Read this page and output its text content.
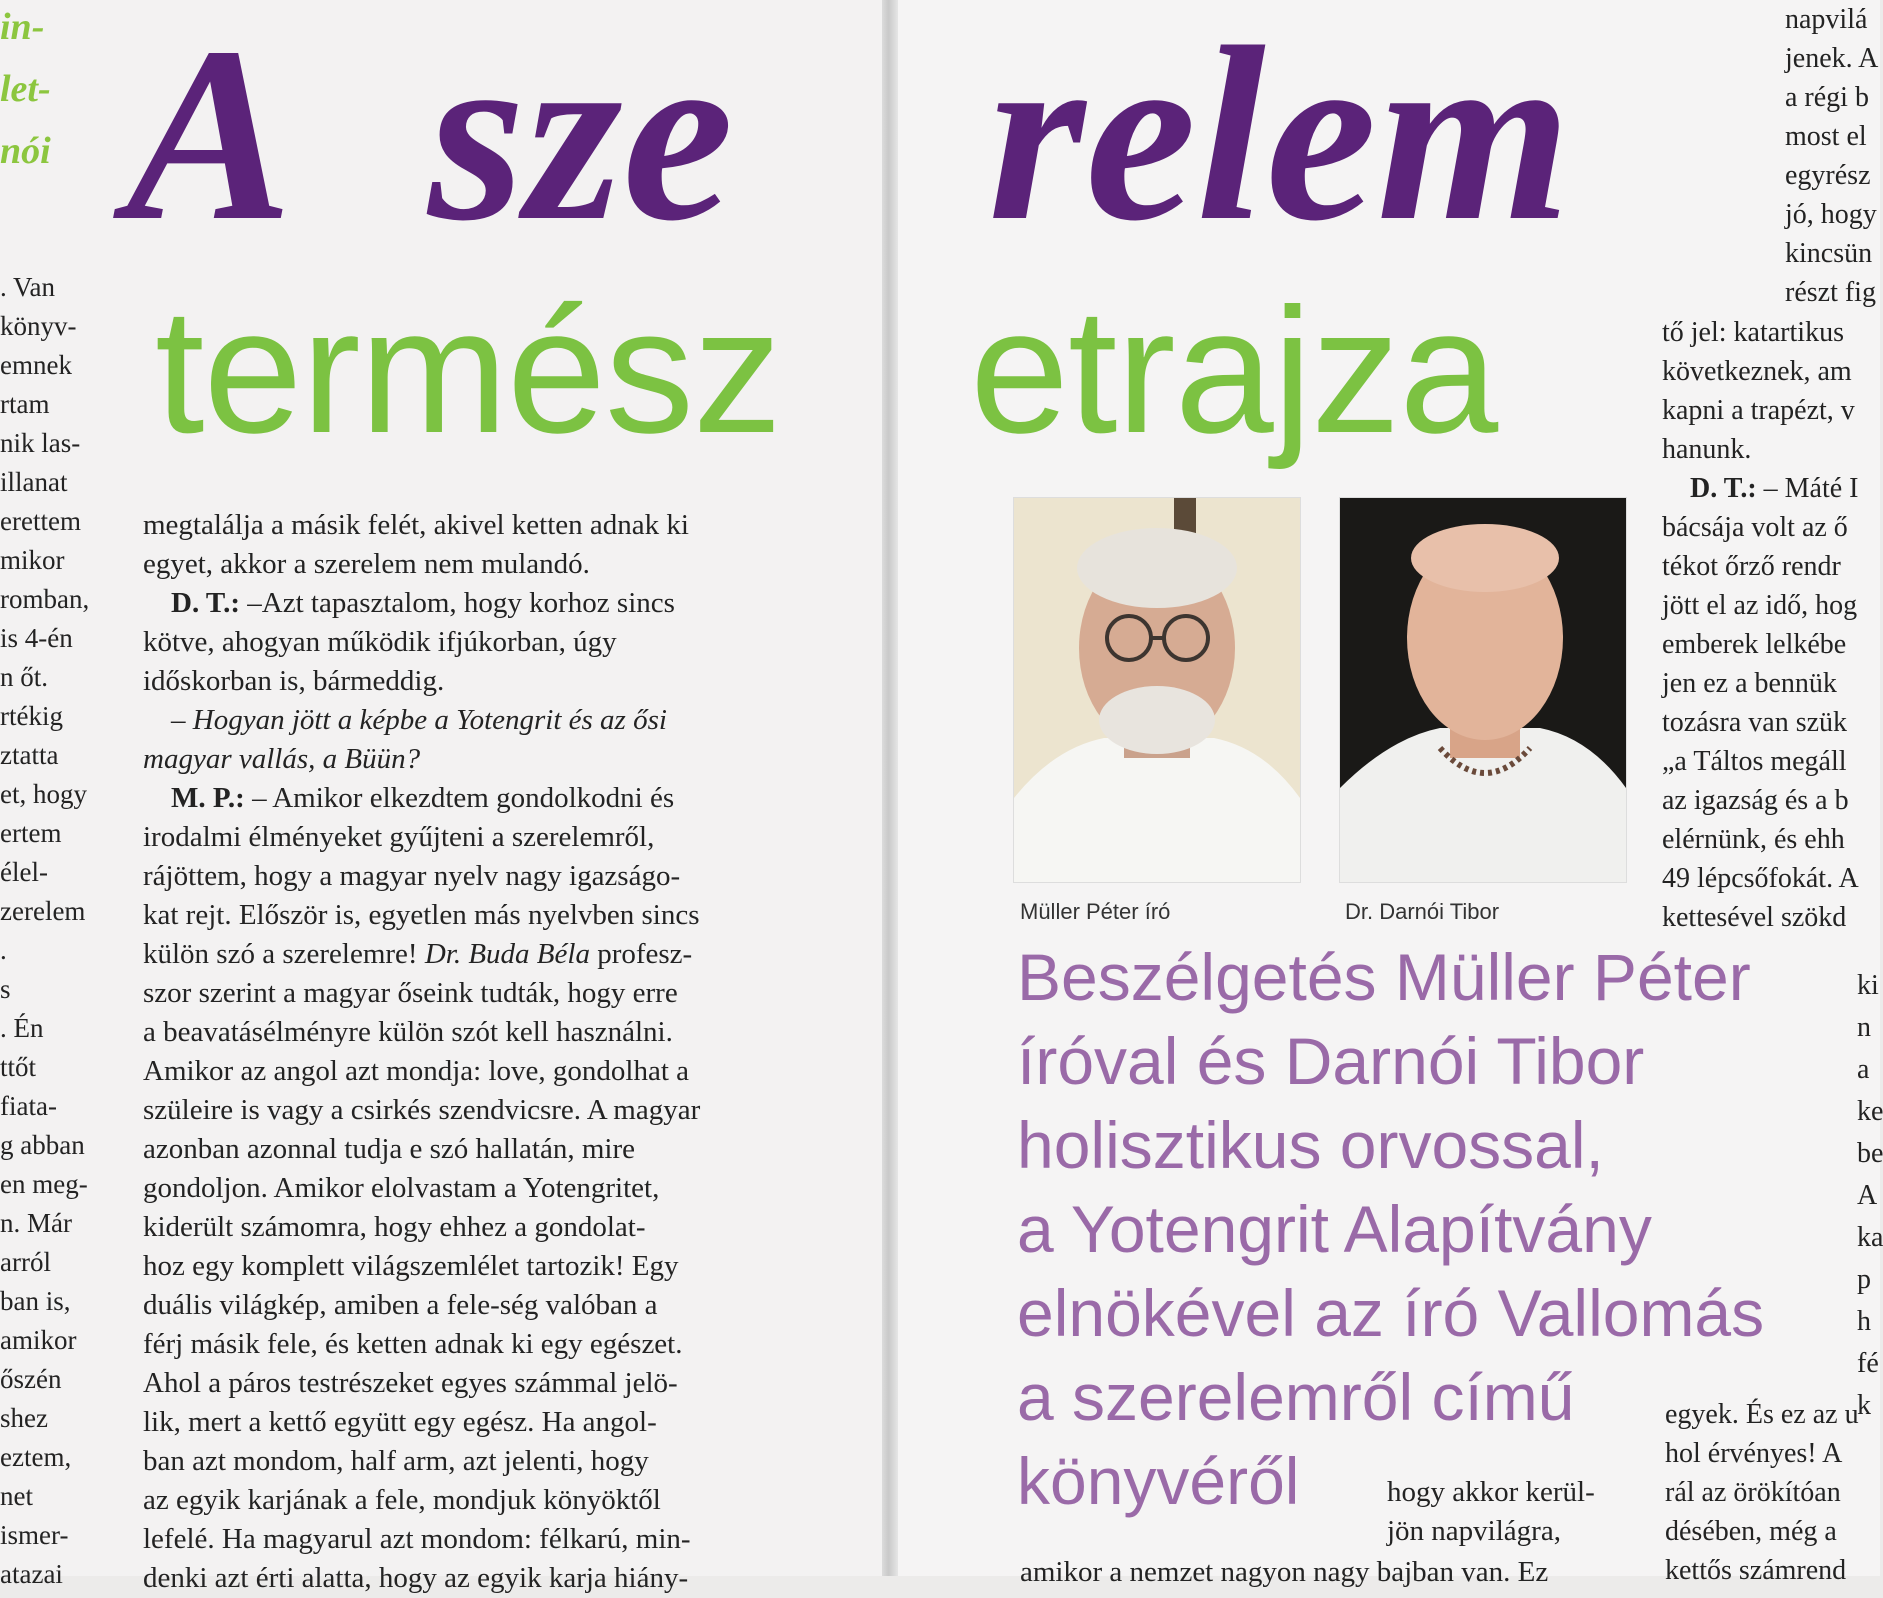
in-

let-

nói

. Van

könyv-

emnek

rtam

nik las-

illanat

erettem

mikor

romban,

is 4-én

n őt.

rtékig

ztatta

et, hogy

ertem

élel-

zerelem

.

s

. Én

ttőt

fiata-

g abban

en meg-

n. Már

arról

ban is,

amikor

őszén

shez

eztem,

net

ismer-

atazai

A sze relem
termész etrajza

megtalálja a másik felét, akivel ketten adnak ki

egyet, akkor a szerelem nem mulandó.

D. T.: –Azt tapasztalom, hogy korhoz sincs

kötve, ahogyan működik ifjúkorban, úgy

időskorban is, bármeddig.

– Hogyan jött a képbe a Yotengrit és az ősi

magyar vallás, a Büün?

M. P.: – Amikor elkezdtem gondolkodni és

irodalmi élményeket gyűjteni a szerelemről,

rájöttem, hogy a magyar nyelv nagy igazságo-

kat rejt. Először is, egyetlen más nyelvben sincs

külön szó a szerelemre! Dr. Buda Béla profesz-

szor szerint a magyar őseink tudták, hogy erre

a beavatásélményre külön szót kell használni.

Amikor az angol azt mondja: love, gondolhat a

szüleire is vagy a csirkés szendvicsre. A magyar

azonban azonnal tudja e szó hallatán, mire

gondoljon. Amikor elolvastam a Yotengritet,

kiderült számomra, hogy ehhez a gondolat-

hoz egy komplett világszemlélet tartozik! Egy

duális világkép, amiben a fele-ség valóban a

férj másik fele, és ketten adnak ki egy egészet.

Ahol a páros testrészeket egyes számmal jelö-

lik, mert a kettő együtt egy egész. Ha angol-

ban azt mondom, half arm, azt jelenti, hogy

az egyik karjának a fele, mondjuk könyöktől

lefelé. Ha magyarul azt mondom: félkarú, min-

denki azt érti alatta, hogy az egyik karja hiány-

Müller Péter író	Dr. Darnói Tibor

Beszélgetés Müller Péter

íróval és Darnói Tibor

holisztikus orvossal,

a Yotengrit Alapítvány

elnökével az író Vallomás

a szerelemről című

könyvéről	hogy akkor kerül-

jön napvilágra,

amikor a nemzet nagyon nagy bajban van. Ez

napvilá

jenek. A

a régi b

most el

egyrész

jó, hogy

kincsün

részt fig

tő jel: katartikus

következnek, am

kapni a trapézt, v

hanunk.

D. T.: – Máté I

bácsája volt az ő

tékot őrző rendr

jött el az idő, hog

emberek lelkébe

jen ez a bennük

tozásra van szük

„a Táltos megáll

az igazság és a b

elérnünk, és ehh

49 lépcsőfokát. A

kettesével szökd

ki

n

a

ke

be

A

ka

p

h

fé

k

egyek. És ez az u

hol érvényes! A

rál az örökítóan

désében, még a

kettős számrend
